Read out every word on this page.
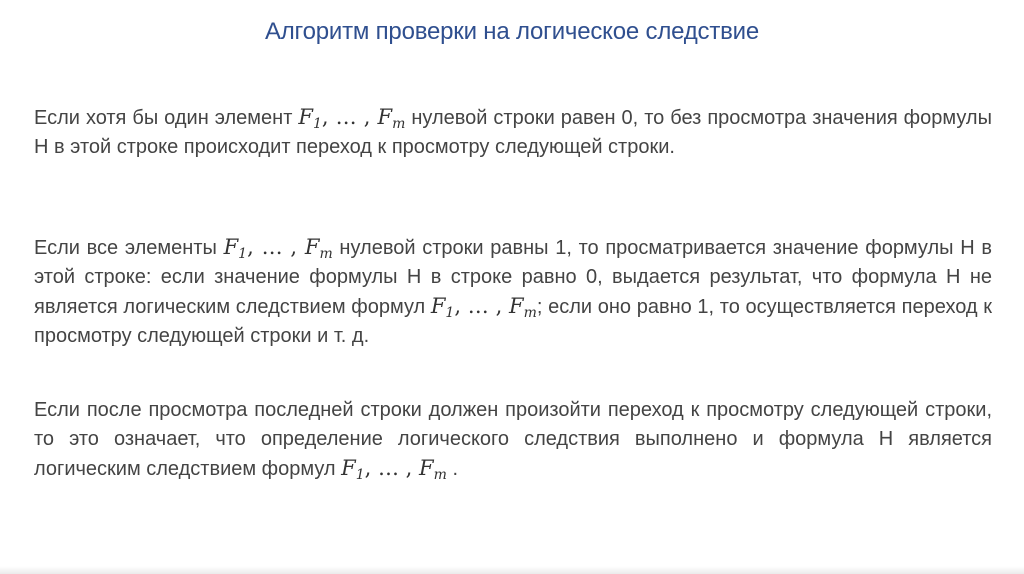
Алгоритм проверки на логическое следствие

Если хотя бы один элемент $F_1$, … , $F_m$ нулевой строки равен 0, то без просмотра значения формулы H в этой строке происходит переход к просмотру следующей строки.

Если все элементы $F_1$, … , $F_m$ нулевой строки равны 1, то просматривается значение формулы H в этой строке: если значение формулы H в строке равно 0, выдается результат, что формула H не является логическим следствием формул $F_1$, … , $F_m$; если оно равно 1, то осуществляется переход к просмотру следующей строки и т. д.

Если после просмотра последней строки должен произойти переход к просмотру следующей строки, то это означает, что определение логического следствия выполнено и формула H является логическим следствием формул $F_1$, … , $F_m$ .
